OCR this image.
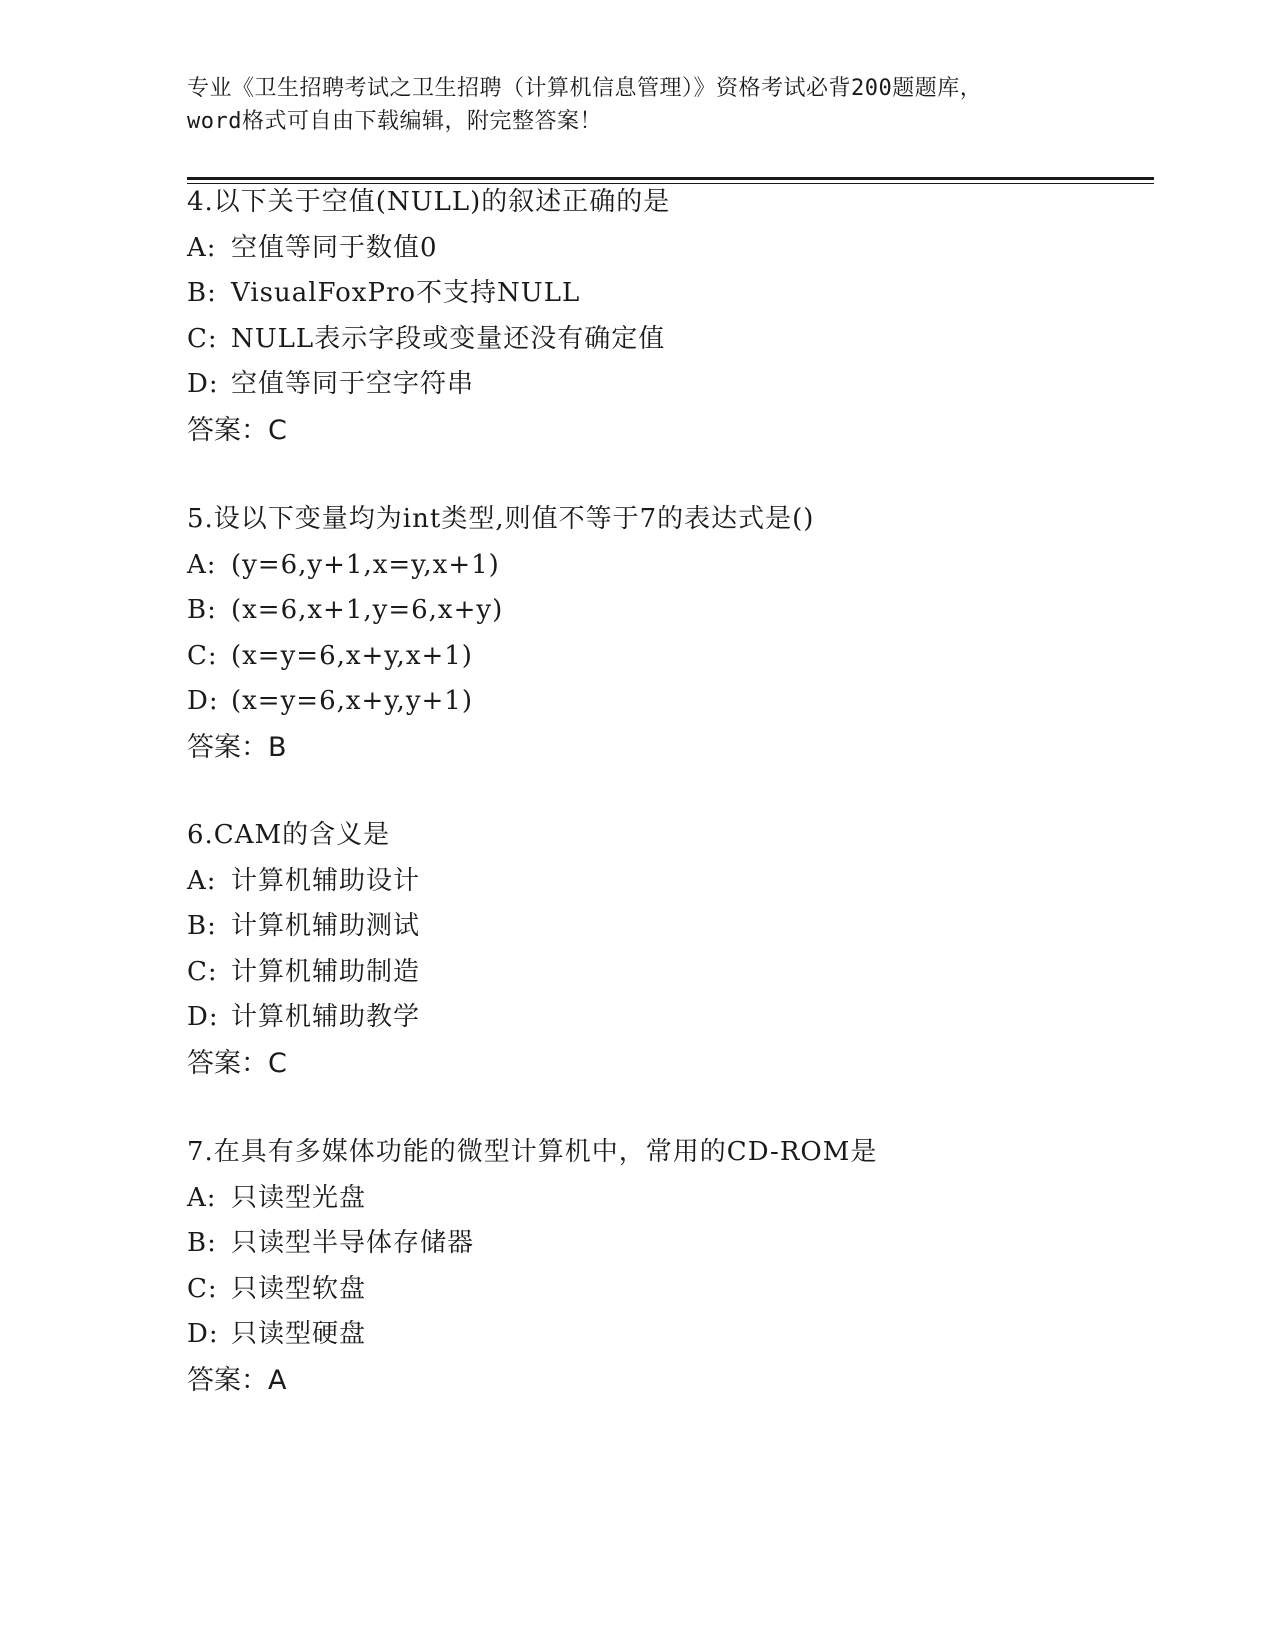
专业《卫生招聘考试之卫生招聘（计算机信息管理）》资格考试必背200题题库，
word格式可自由下载编辑，附完整答案！
4.以下关于空值(NULL)的叙述正确的是
A: 空值等同于数值0
B: VisualFoxPro不支持NULL
C: NULL表示字段或变量还没有确定值
D: 空值等同于空字符串
答案：C
5.设以下变量均为int类型,则值不等于7的表达式是()
A: (y=6,y+1,x=y,x+1)
B: (x=6,x+1,y=6,x+y)
C: (x=y=6,x+y,x+1)
D: (x=y=6,x+y,y+1)
答案：B
6.CAM的含义是
A: 计算机辅助设计
B: 计算机辅助测试
C: 计算机辅助制造
D: 计算机辅助教学
答案：C
7.在具有多媒体功能的微型计算机中，常用的CD-ROM是
A: 只读型光盘
B: 只读型半导体存储器
C: 只读型软盘
D: 只读型硬盘
答案：A
